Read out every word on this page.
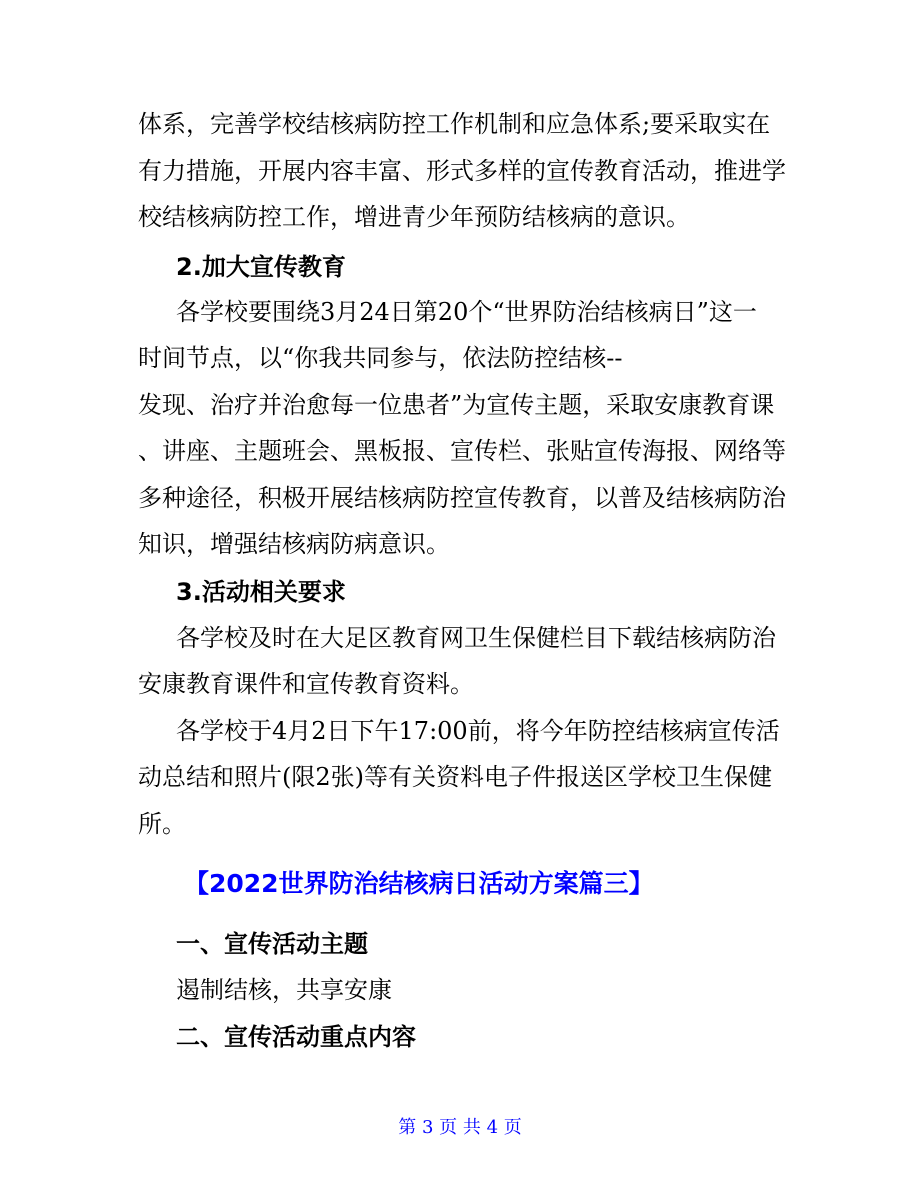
体系，完善学校结核病防控工作机制和应急体系;要采取实在
有力措施，开展内容丰富、形式多样的宣传教育活动，推进学
校结核病防控工作，增进青少年预防结核病的意识。
2.加大宣传教育
各学校要围绕3月24日第20个“世界防治结核病日”这一
时间节点，以“你我共同参与，依法防控结核--
发现、治疗并治愈每一位患者”为宣传主题，采取安康教育课
、讲座、主题班会、黑板报、宣传栏、张贴宣传海报、网络等
多种途径，积极开展结核病防控宣传教育，以普及结核病防治
知识，增强结核病防病意识。
3.活动相关要求
各学校及时在大足区教育网卫生保健栏目下载结核病防治
安康教育课件和宣传教育资料。
各学校于4月2日下午17:00前，将今年防控结核病宣传活
动总结和照片(限2张)等有关资料电子件报送区学校卫生保健
所。
【2022世界防治结核病日活动方案篇三】
一、宣传活动主题
遏制结核，共享安康
二、宣传活动重点内容
第 3 页 共 4 页
